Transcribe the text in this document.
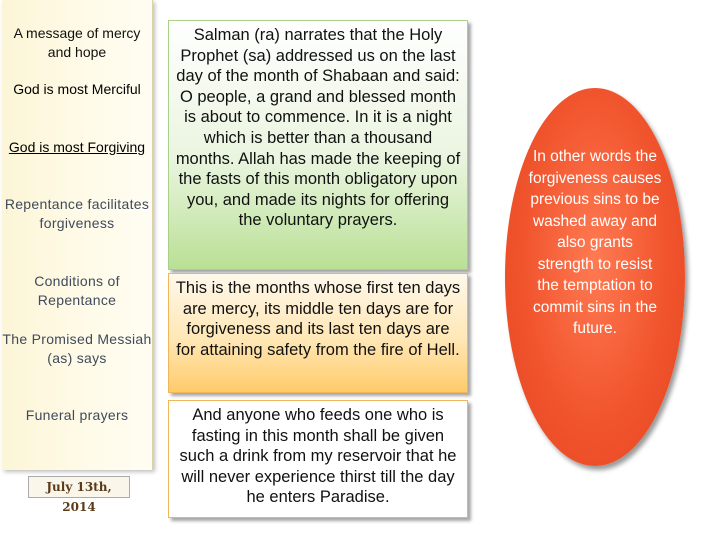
A message of mercy and hope
God is most Merciful
God is most Forgiving
Repentance facilitates forgiveness
Conditions of Repentance
The Promised Messiah (as) says
Funeral prayers
July 13th, 2014
Salman (ra) narrates that the Holy Prophet (sa) addressed us on the last day of the month of Shabaan and said: O people, a grand and blessed month is about to commence. In it is a night which is better than a thousand months. Allah has made the keeping of the fasts of this month obligatory upon you, and made its nights for offering the voluntary prayers.
This is the months whose first ten days are mercy, its middle ten days are for forgiveness and its last ten days are for attaining safety from the fire of Hell.
And anyone who feeds one who is fasting in this month shall be given such a drink from my reservoir that he will never experience thirst till the day he enters Paradise.
In other words the forgiveness causes previous sins to be washed away and also grants strength to resist the temptation to commit sins in the future.
